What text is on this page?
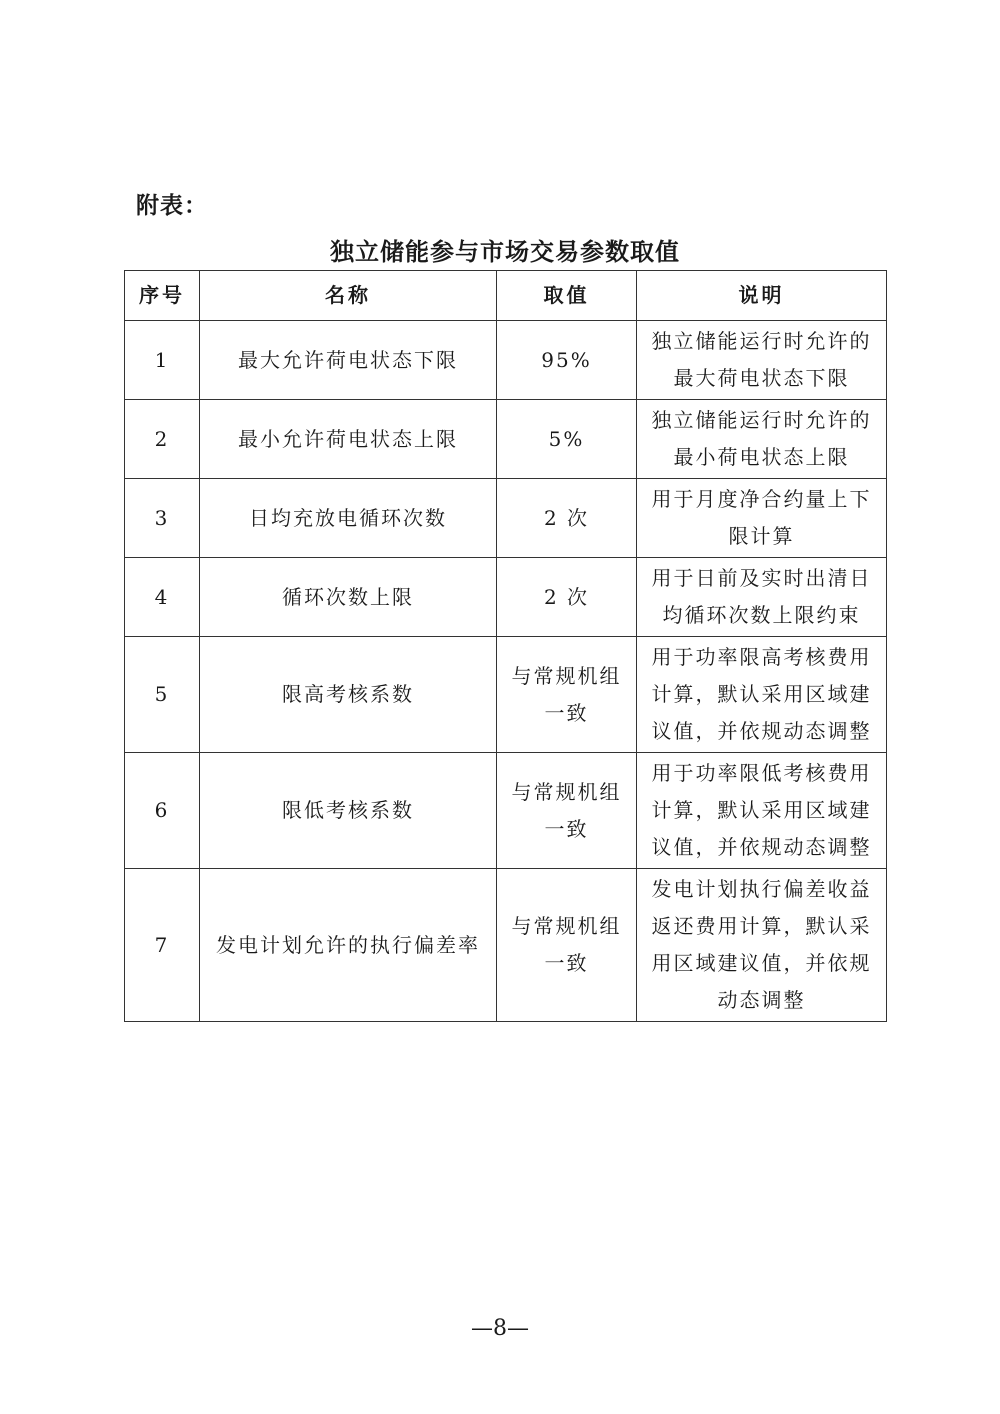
附表：
独立储能参与市场交易参数取值
序号	名称	取值	说明
1	最大允许荷电状态下限	95%	独立储能运行时允许的最大荷电状态下限
2	最小允许荷电状态上限	5%	独立储能运行时允许的最小荷电状态上限
3	日均充放电循环次数	2 次	用于月度净合约量上下限计算
4	循环次数上限	2 次	用于日前及实时出清日均循环次数上限约束
5	限高考核系数	与常规机组一致	用于功率限高考核费用计算，默认采用区域建议值，并依规动态调整
6	限低考核系数	与常规机组一致	用于功率限低考核费用计算，默认采用区域建议值，并依规动态调整
7	发电计划允许的执行偏差率	与常规机组一致	发电计划执行偏差收益返还费用计算，默认采用区域建议值，并依规动态调整
—8—
